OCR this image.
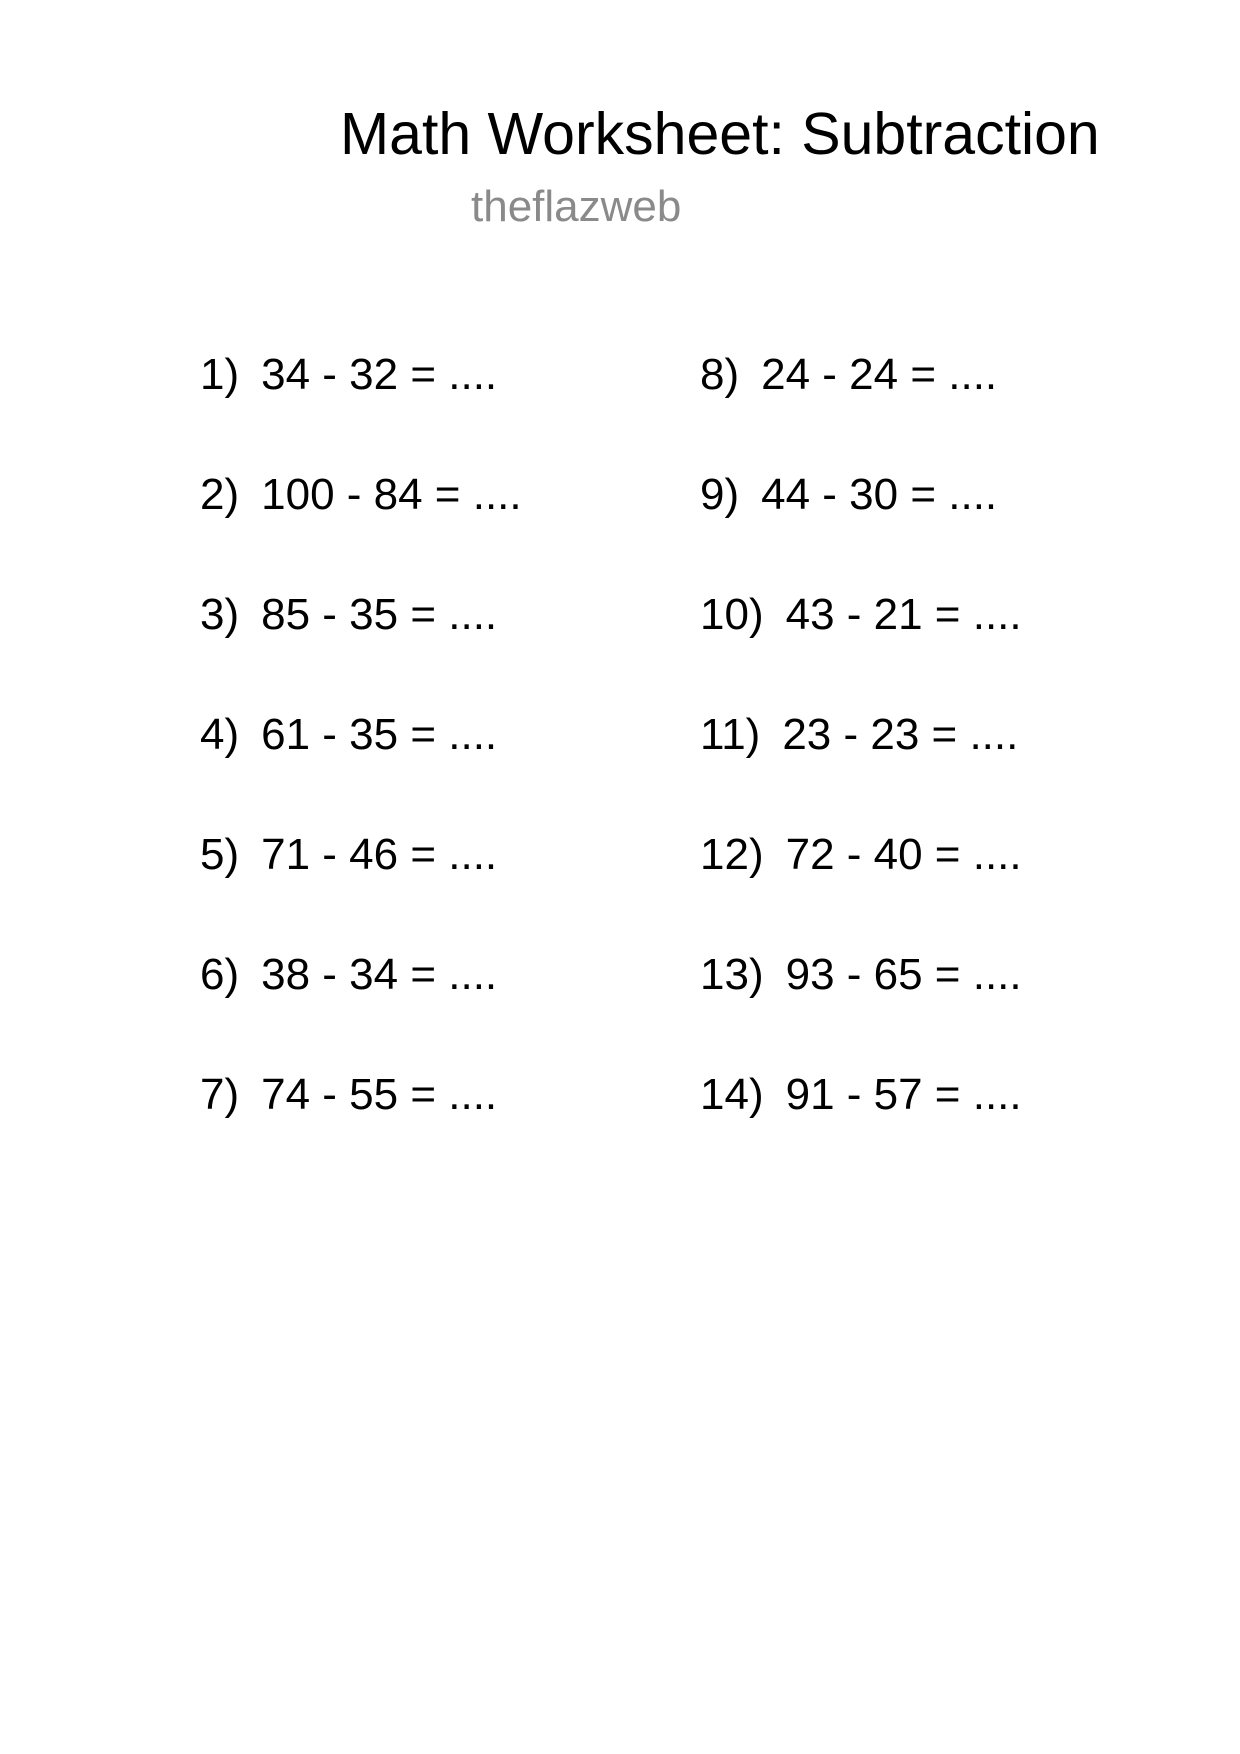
Math Worksheet: Subtraction
theflazweb
1) 34 - 32 = ....
2) 100 - 84 = ....
3) 85 - 35 = ....
4) 61 - 35 = ....
5) 71 - 46 = ....
6) 38 - 34 = ....
7) 74 - 55 = ....
8) 24 - 24 = ....
9) 44 - 30 = ....
10) 43 - 21 = ....
11) 23 - 23 = ....
12) 72 - 40 = ....
13) 93 - 65 = ....
14) 91 - 57 = ....
